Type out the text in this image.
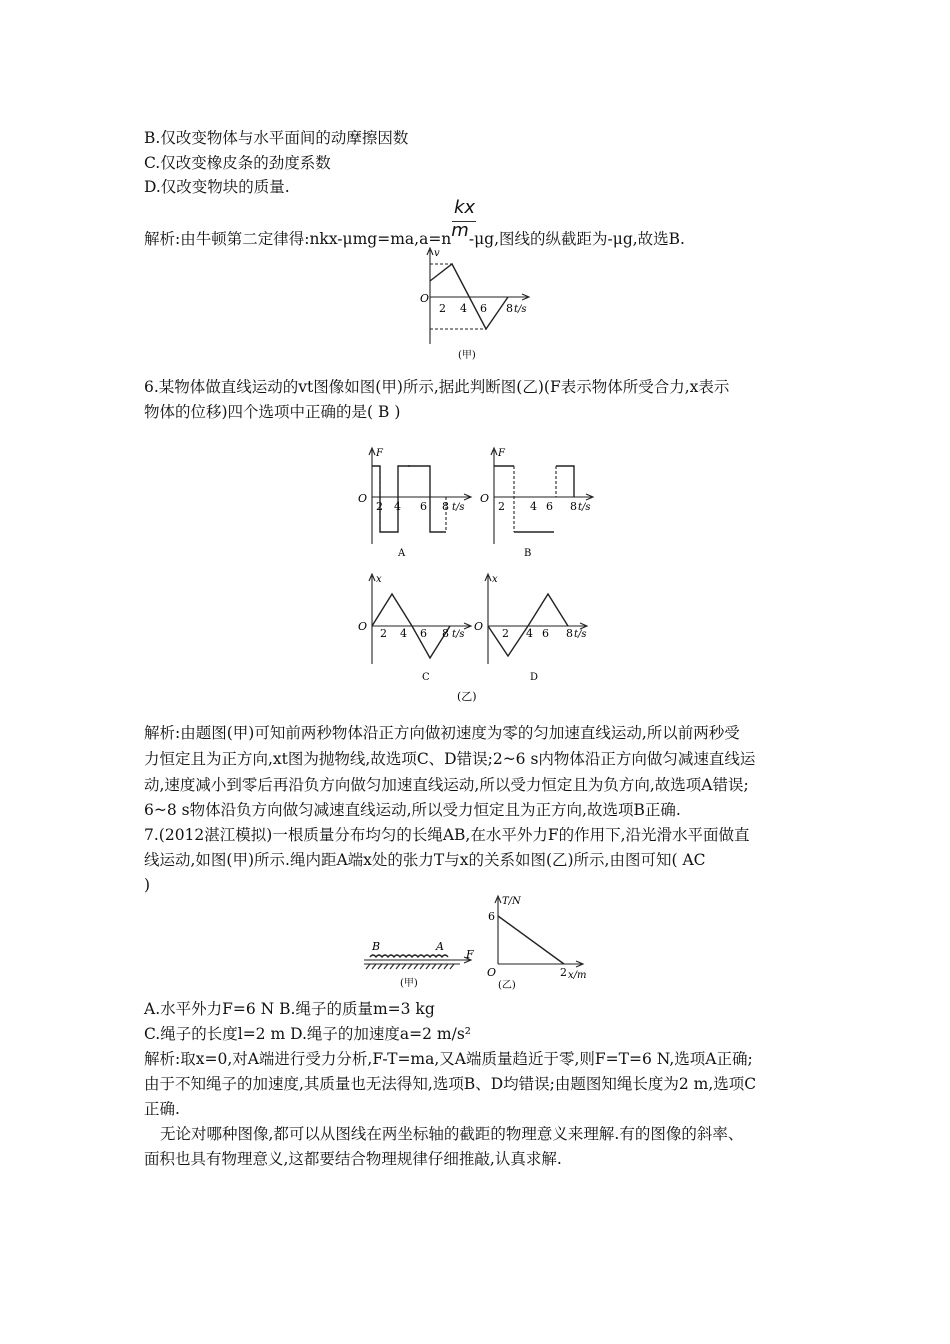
B.仅改变物体与水平面间的动摩擦因数
C.仅改变橡皮条的劲度系数
D.仅改变物块的质量.
kx
解析:由牛顿第二定律得:nkx-μmg=ma,a=nm-μg,图线的纵截距为-μg,故选B.
v
O
2 4 6 8 t/s
(甲)
6.某物体做直线运动的vt图像如图(甲)所示,据此判断图(乙)(F表示物体所受合力,x表示
物体的位移)四个选项中正确的是( B )
F
O
2 4 6 8 t/s
A
F
O
2 4 6 8 t/s
B
x
O
2 4 6 8 t/s
C
x
O
2 4 6 8 t/s
D
(乙)
解析:由题图(甲)可知前两秒物体沿正方向做初速度为零的匀加速直线运动,所以前两秒受
力恒定且为正方向,xt图为抛物线,故选项C、D错误;2~6 s内物体沿正方向做匀减速直线运
动,速度减小到零后再沿负方向做匀加速直线运动,所以受力恒定且为负方向,故选项A错误;
6~8 s物体沿负方向做匀减速直线运动,所以受力恒定且为正方向,故选项B正确.
7.(2012湛江模拟)一根质量分布均匀的长绳AB,在水平外力F的作用下,沿光滑水平面做直
线运动,如图(甲)所示.绳内距A端x处的张力T与x的关系如图(乙)所示,由图可知( AC
)
B	A
F
(甲)
T/N
6
O	2 x/m
(乙)
A.水平外力F=6 N B.绳子的质量m=3 kg
C.绳子的长度l=2 m D.绳子的加速度a=2 m/s²
解析:取x=0,对A端进行受力分析,F-T=ma,又A端质量趋近于零,则F=T=6 N,选项A正确;
由于不知绳子的加速度,其质量也无法得知,选项B、D均错误;由题图知绳长度为2 m,选项C
正确.
无论对哪种图像,都可以从图线在两坐标轴的截距的物理意义来理解.有的图像的斜率、
面积也具有物理意义,这都要结合物理规律仔细推敲,认真求解.
